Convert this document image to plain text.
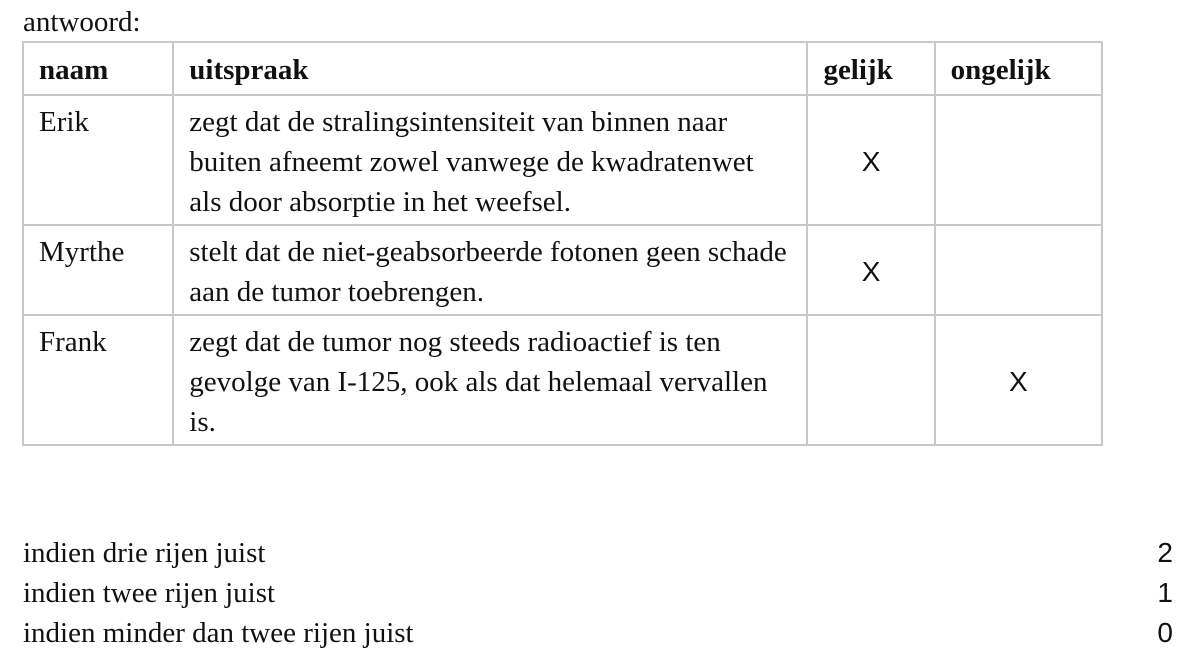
antwoord:
naam	uitspraak	gelijk	ongelijk
Erik	zegt dat de stralingsintensiteit van binnen naar buiten afneemt zowel vanwege de kwadratenwet als door absorptie in het weefsel.	X	
Myrthe	stelt dat de niet-geabsorbeerde fotonen geen schade aan de tumor toebrengen.	X	
Frank	zegt dat de tumor nog steeds radioactief is ten gevolge van I-125, ook als dat helemaal vervallen is.		X
indien drie rijen juist	2
indien twee rijen juist	1
indien minder dan twee rijen juist	0
